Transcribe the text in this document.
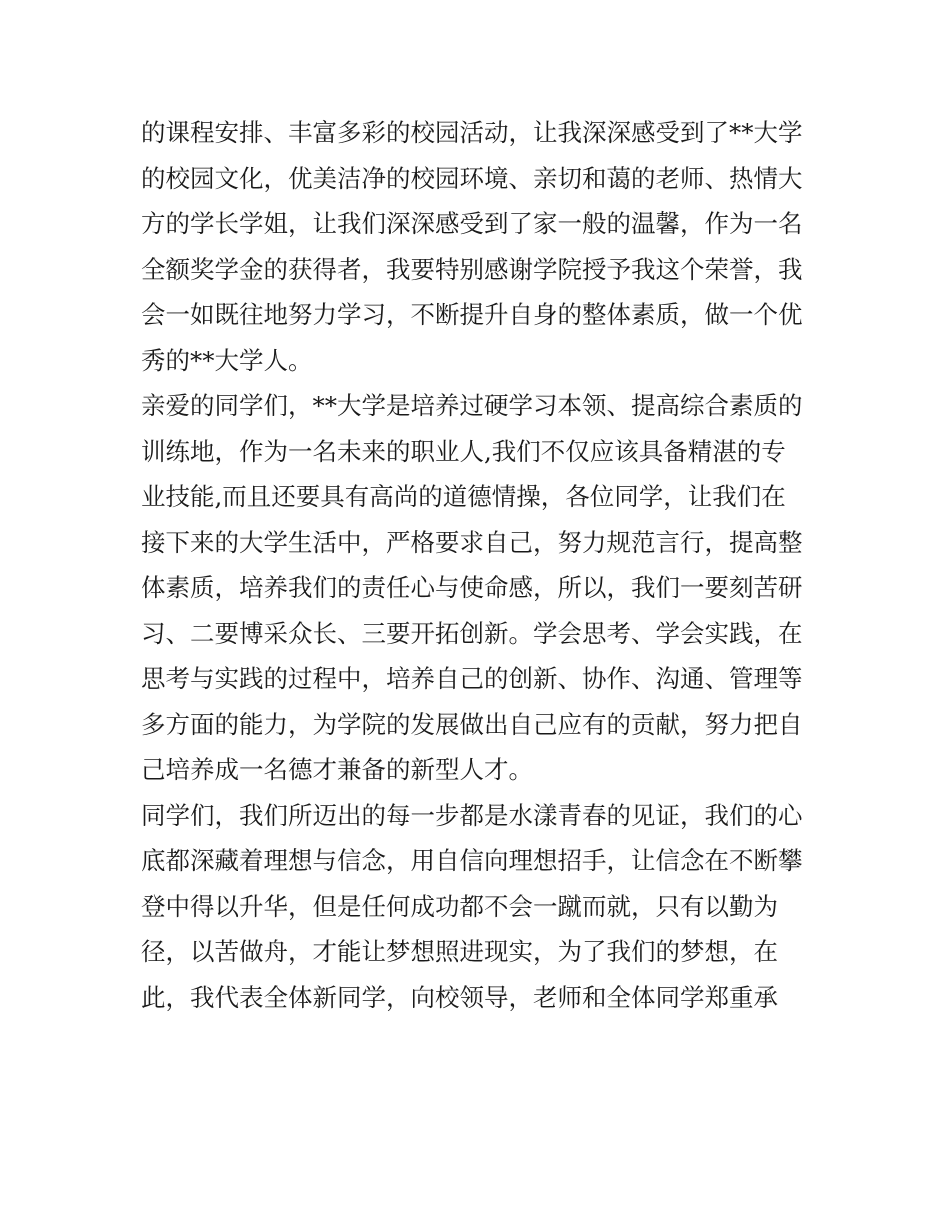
的课程安排、丰富多彩的校园活动，让我深深感受到了**大学
的校园文化，优美洁净的校园环境、亲切和蔼的老师、热情大
方的学长学姐，让我们深深感受到了家一般的温馨，作为一名
全额奖学金的获得者，我要特别感谢学院授予我这个荣誉，我
会一如既往地努力学习，不断提升自身的整体素质，做一个优
秀的**大学人。
亲爱的同学们，**大学是培养过硬学习本领、提高综合素质的
训练地，作为一名未来的职业人,我们不仅应该具备精湛的专
业技能,而且还要具有高尚的道德情操，各位同学，让我们在
接下来的大学生活中，严格要求自己，努力规范言行，提高整
体素质，培养我们的责任心与使命感，所以，我们一要刻苦研
习、二要博采众长、三要开拓创新。学会思考、学会实践，在
思考与实践的过程中，培养自己的创新、协作、沟通、管理等
多方面的能力，为学院的发展做出自己应有的贡献，努力把自
己培养成一名德才兼备的新型人才。
同学们，我们所迈出的每一步都是水漾青春的见证，我们的心
底都深藏着理想与信念，用自信向理想招手，让信念在不断攀
登中得以升华，但是任何成功都不会一蹴而就，只有以勤为
径，以苦做舟，才能让梦想照进现实，为了我们的梦想，在
此，我代表全体新同学，向校领导，老师和全体同学郑重承
